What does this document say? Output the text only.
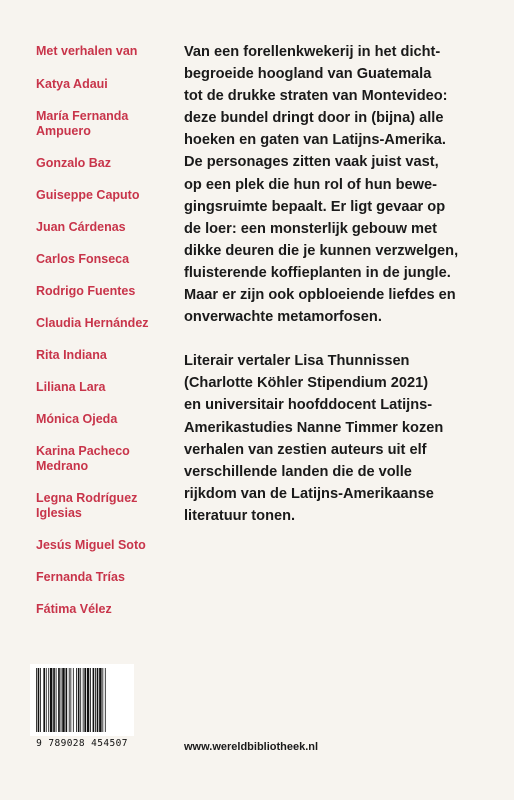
Met verhalen van
Katya Adaui
María Fernanda
Ampuero
Gonzalo Baz
Guiseppe Caputo
Juan Cárdenas
Carlos Fonseca
Rodrigo Fuentes
Claudia Hernández
Rita Indiana
Liliana Lara
Mónica Ojeda
Karina Pacheco
Medrano
Legna Rodríguez
Iglesias
Jesús Miguel Soto
Fernanda Trías
Fátima Vélez

Van een forellenkwekerij in het dicht-
begroeide hoogland van Guatemala
tot de drukke straten van Montevideo:
deze bundel dringt door in (bijna) alle
hoeken en gaten van Latijns-Amerika.
De personages zitten vaak juist vast,
op een plek die hun rol of hun bewe-
gingsruimte bepaalt. Er ligt gevaar op
de loer: een monsterlijk gebouw met
dikke deuren die je kunnen verzwelgen,
fluisterende koffieplanten in de jungle.
Maar er zijn ook opbloeiende liefdes en
onverwachte metamorfosen.

Literair vertaler Lisa Thunnissen
(Charlotte Köhler Stipendium 2021)
en universitair hoofddocent Latijns-
Amerikastudies Nanne Timmer kozen
verhalen van zestien auteurs uit elf
verschillende landen die de volle
rijkdom van de Latijns-Amerikaanse
literatuur tonen.

9 789028 454507	www.wereldbibliotheek.nl
